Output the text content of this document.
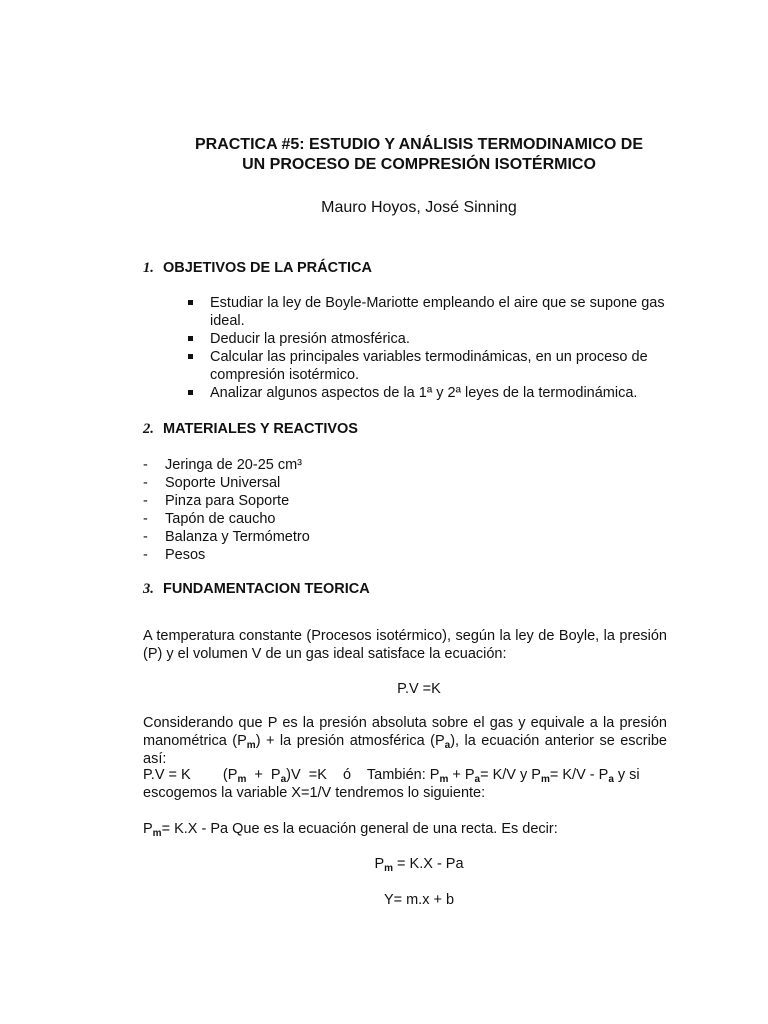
PRACTICA #5: ESTUDIO Y ANÁLISIS TERMODINAMICO DE
UN PROCESO DE COMPRESIÓN ISOTÉRMICO
Mauro Hoyos, José Sinning
1. OBJETIVOS DE LA PRÁCTICA
Estudiar la ley de Boyle-Mariotte empleando el aire que se supone gas ideal.
Deducir la presión atmosférica.
Calcular las principales variables termodinámicas, en un proceso de compresión isotérmico.
Analizar algunos aspectos de la 1ª y 2ª leyes de la termodinámica.
2. MATERIALES Y REACTIVOS
-	Jeringa de 20-25 cm³
-	Soporte Universal
-	Pinza para Soporte
-	Tapón de caucho
-	Balanza y Termómetro
-	Pesos
3. FUNDAMENTACION TEORICA
A temperatura constante (Procesos isotérmico), según la ley de Boyle, la presión (P) y el volumen V de un gas ideal satisface la ecuación:
P.V =K
Considerando que P es la presión absoluta sobre el gas y equivale a la presión manométrica $(P_m)$ + la presión atmosférica $(P_a)$, la ecuación anterior se escribe así:
P.V = K        $(P_m + P_a)V =K$    ó    También: $P_m + P_a= K/V$ y $P_m= K/V - P_a$ y si escogemos la variable X=1/V tendremos lo siguiente:
$P_m= K.X - Pa$ Que es la ecuación general de una recta. Es decir:
$P_m = K.X - Pa$
Y= m.x + b
